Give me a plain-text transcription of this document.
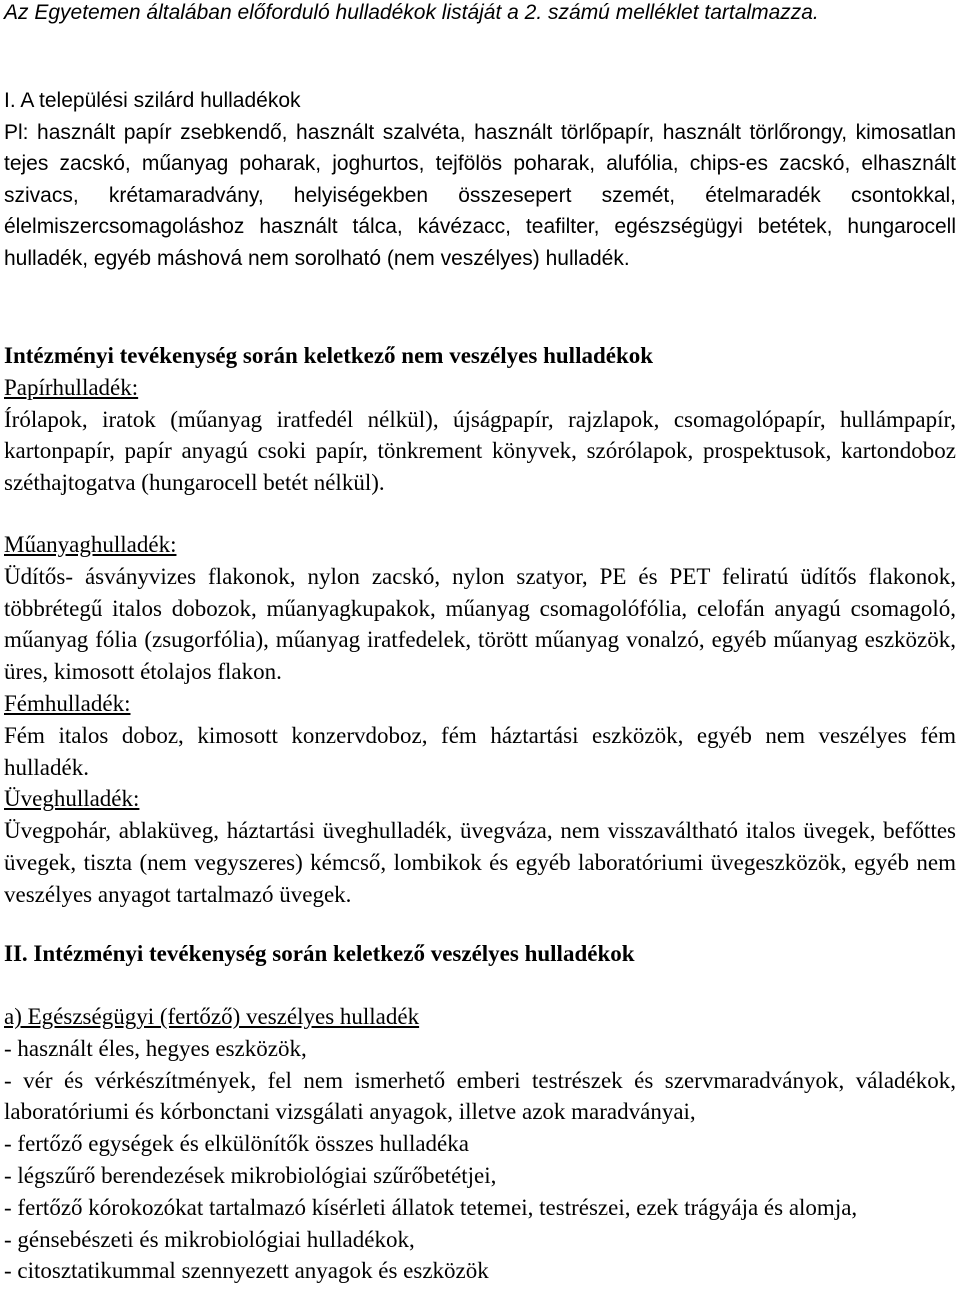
Az Egyetemen általában előforduló hulladékok listáját a 2. számú melléklet tartalmazza.

I. A települési szilárd hulladékok

Pl: használt papír zsebkendő, használt szalvéta, használt törlőpapír, használt törlőrongy, kimosatlan tejes zacskó, műanyag poharak, joghurtos, tejfölös poharak, alufólia, chips-es zacskó, elhasznált szivacs, krétamaradvány, helyiségekben összesepert szemét, ételmaradék csontokkal, élelmiszercsomagoláshoz használt tálca, kávézacc, teafilter, egészségügyi betétek, hungarocell hulladék, egyéb máshová nem sorolható (nem veszélyes) hulladék.

Intézményi tevékenység során keletkező nem veszélyes hulladékok

Papírhulladék:

Írólapok, iratok (műanyag iratfedél nélkül), újságpapír, rajzlapok, csomagolópapír, hullámpapír, kartonpapír, papír anyagú csoki papír, tönkrement könyvek, szórólapok, prospektusok, kartondoboz széthajtogatva (hungarocell betét nélkül).

Műanyaghulladék:

Üdítős- ásványvizes flakonok, nylon zacskó, nylon szatyor, PE és PET feliratú üdítős flakonok, többrétegű italos dobozok, műanyagkupakok, műanyag csomagolófólia, celofán anyagú csomagoló, műanyag fólia (zsugorfólia), műanyag iratfedelek, törött műanyag vonalzó, egyéb műanyag eszközök, üres, kimosott étolajos flakon.

Fémhulladék:

Fém italos doboz, kimosott konzervdoboz, fém háztartási eszközök, egyéb nem veszélyes fém hulladék.

Üveghulladék:

Üvegpohár, ablaküveg, háztartási üveghulladék, üvegváza, nem visszaváltható italos üvegek, befőttes üvegek, tiszta (nem vegyszeres) kémcső, lombikok és egyéb laboratóriumi üvegeszközök, egyéb nem veszélyes anyagot tartalmazó üvegek.

II. Intézményi tevékenység során keletkező veszélyes hulladékok

a) Egészségügyi (fertőző) veszélyes hulladék

- használt éles, hegyes eszközök,

- vér és vérkészítmények, fel nem ismerhető emberi testrészek és szervmaradványok, váladékok, laboratóriumi és kórbonctani vizsgálati anyagok, illetve azok maradványai,

- fertőző egységek és elkülönítők összes hulladéka

- légszűrő berendezések mikrobiológiai szűrőbetétjei,

- fertőző kórokozókat tartalmazó kísérleti állatok tetemei, testrészei, ezek trágyája és alomja,

- génsebészeti és mikrobiológiai hulladékok,

- citosztatikummal szennyezett anyagok és eszközök
